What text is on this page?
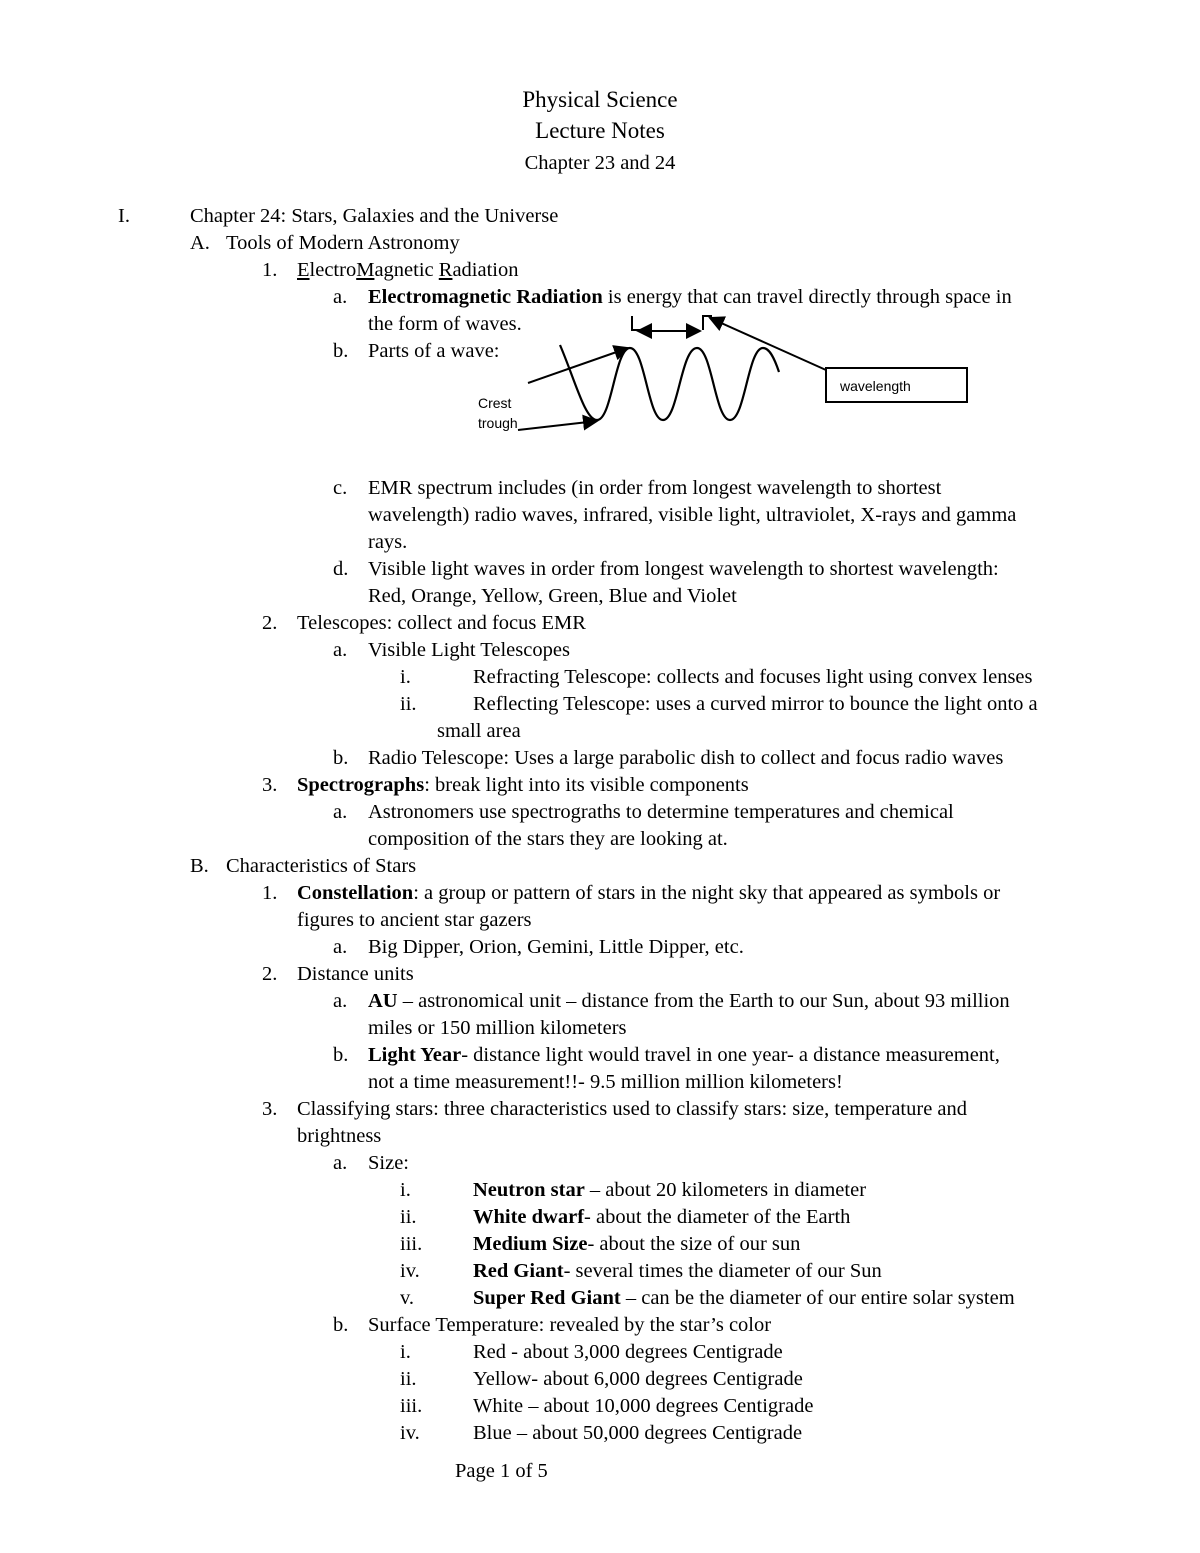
Physical Science
Lecture Notes
Chapter 23 and 24
I.	Chapter 24: Stars, Galaxies and the Universe
A. Tools of Modern Astronomy
1. ElectroMagnetic Radiation
a. Electromagnetic Radiation is energy that can travel directly through space in
the form of waves.
b. Parts of a wave:
wavelength
Crest
trough
c. EMR spectrum includes (in order from longest wavelength to shortest
wavelength) radio waves, infrared, visible light, ultraviolet, X-rays and gamma
rays.
d. Visible light waves in order from longest wavelength to shortest wavelength:
Red, Orange, Yellow, Green, Blue and Violet
2. Telescopes: collect and focus EMR
a. Visible Light Telescopes
i.	Refracting Telescope: collects and focuses light using convex lenses
ii.	Reflecting Telescope: uses a curved mirror to bounce the light onto a
small area
b. Radio Telescope: Uses a large parabolic dish to collect and focus radio waves
3. Spectrographs: break light into its visible components
a. Astronomers use spectrograths to determine temperatures and chemical
composition of the stars they are looking at.
B. Characteristics of Stars
1. Constellation: a group or pattern of stars in the night sky that appeared as symbols or
figures to ancient star gazers
a. Big Dipper, Orion, Gemini, Little Dipper, etc.
2. Distance units
a. AU – astronomical unit – distance from the Earth to our Sun, about 93 million
miles or 150 million kilometers
b. Light Year- distance light would travel in one year- a distance measurement,
not a time measurement!!- 9.5 million million kilometers!
3. Classifying stars: three characteristics used to classify stars: size, temperature and
brightness
a. Size:
i.	Neutron star – about 20 kilometers in diameter
ii.	White dwarf- about the diameter of the Earth
iii. Medium Size- about the size of our sun
iv.	Red Giant- several times the diameter of our Sun
v.	Super Red Giant – can be the diameter of our entire solar system
b. Surface Temperature: revealed by the star’s color
i.	Red - about 3,000 degrees Centigrade
ii.	Yellow- about 6,000 degrees Centigrade
iii. White – about 10,000 degrees Centigrade
iv.	Blue – about 50,000 degrees Centigrade
Page 1 of 5
